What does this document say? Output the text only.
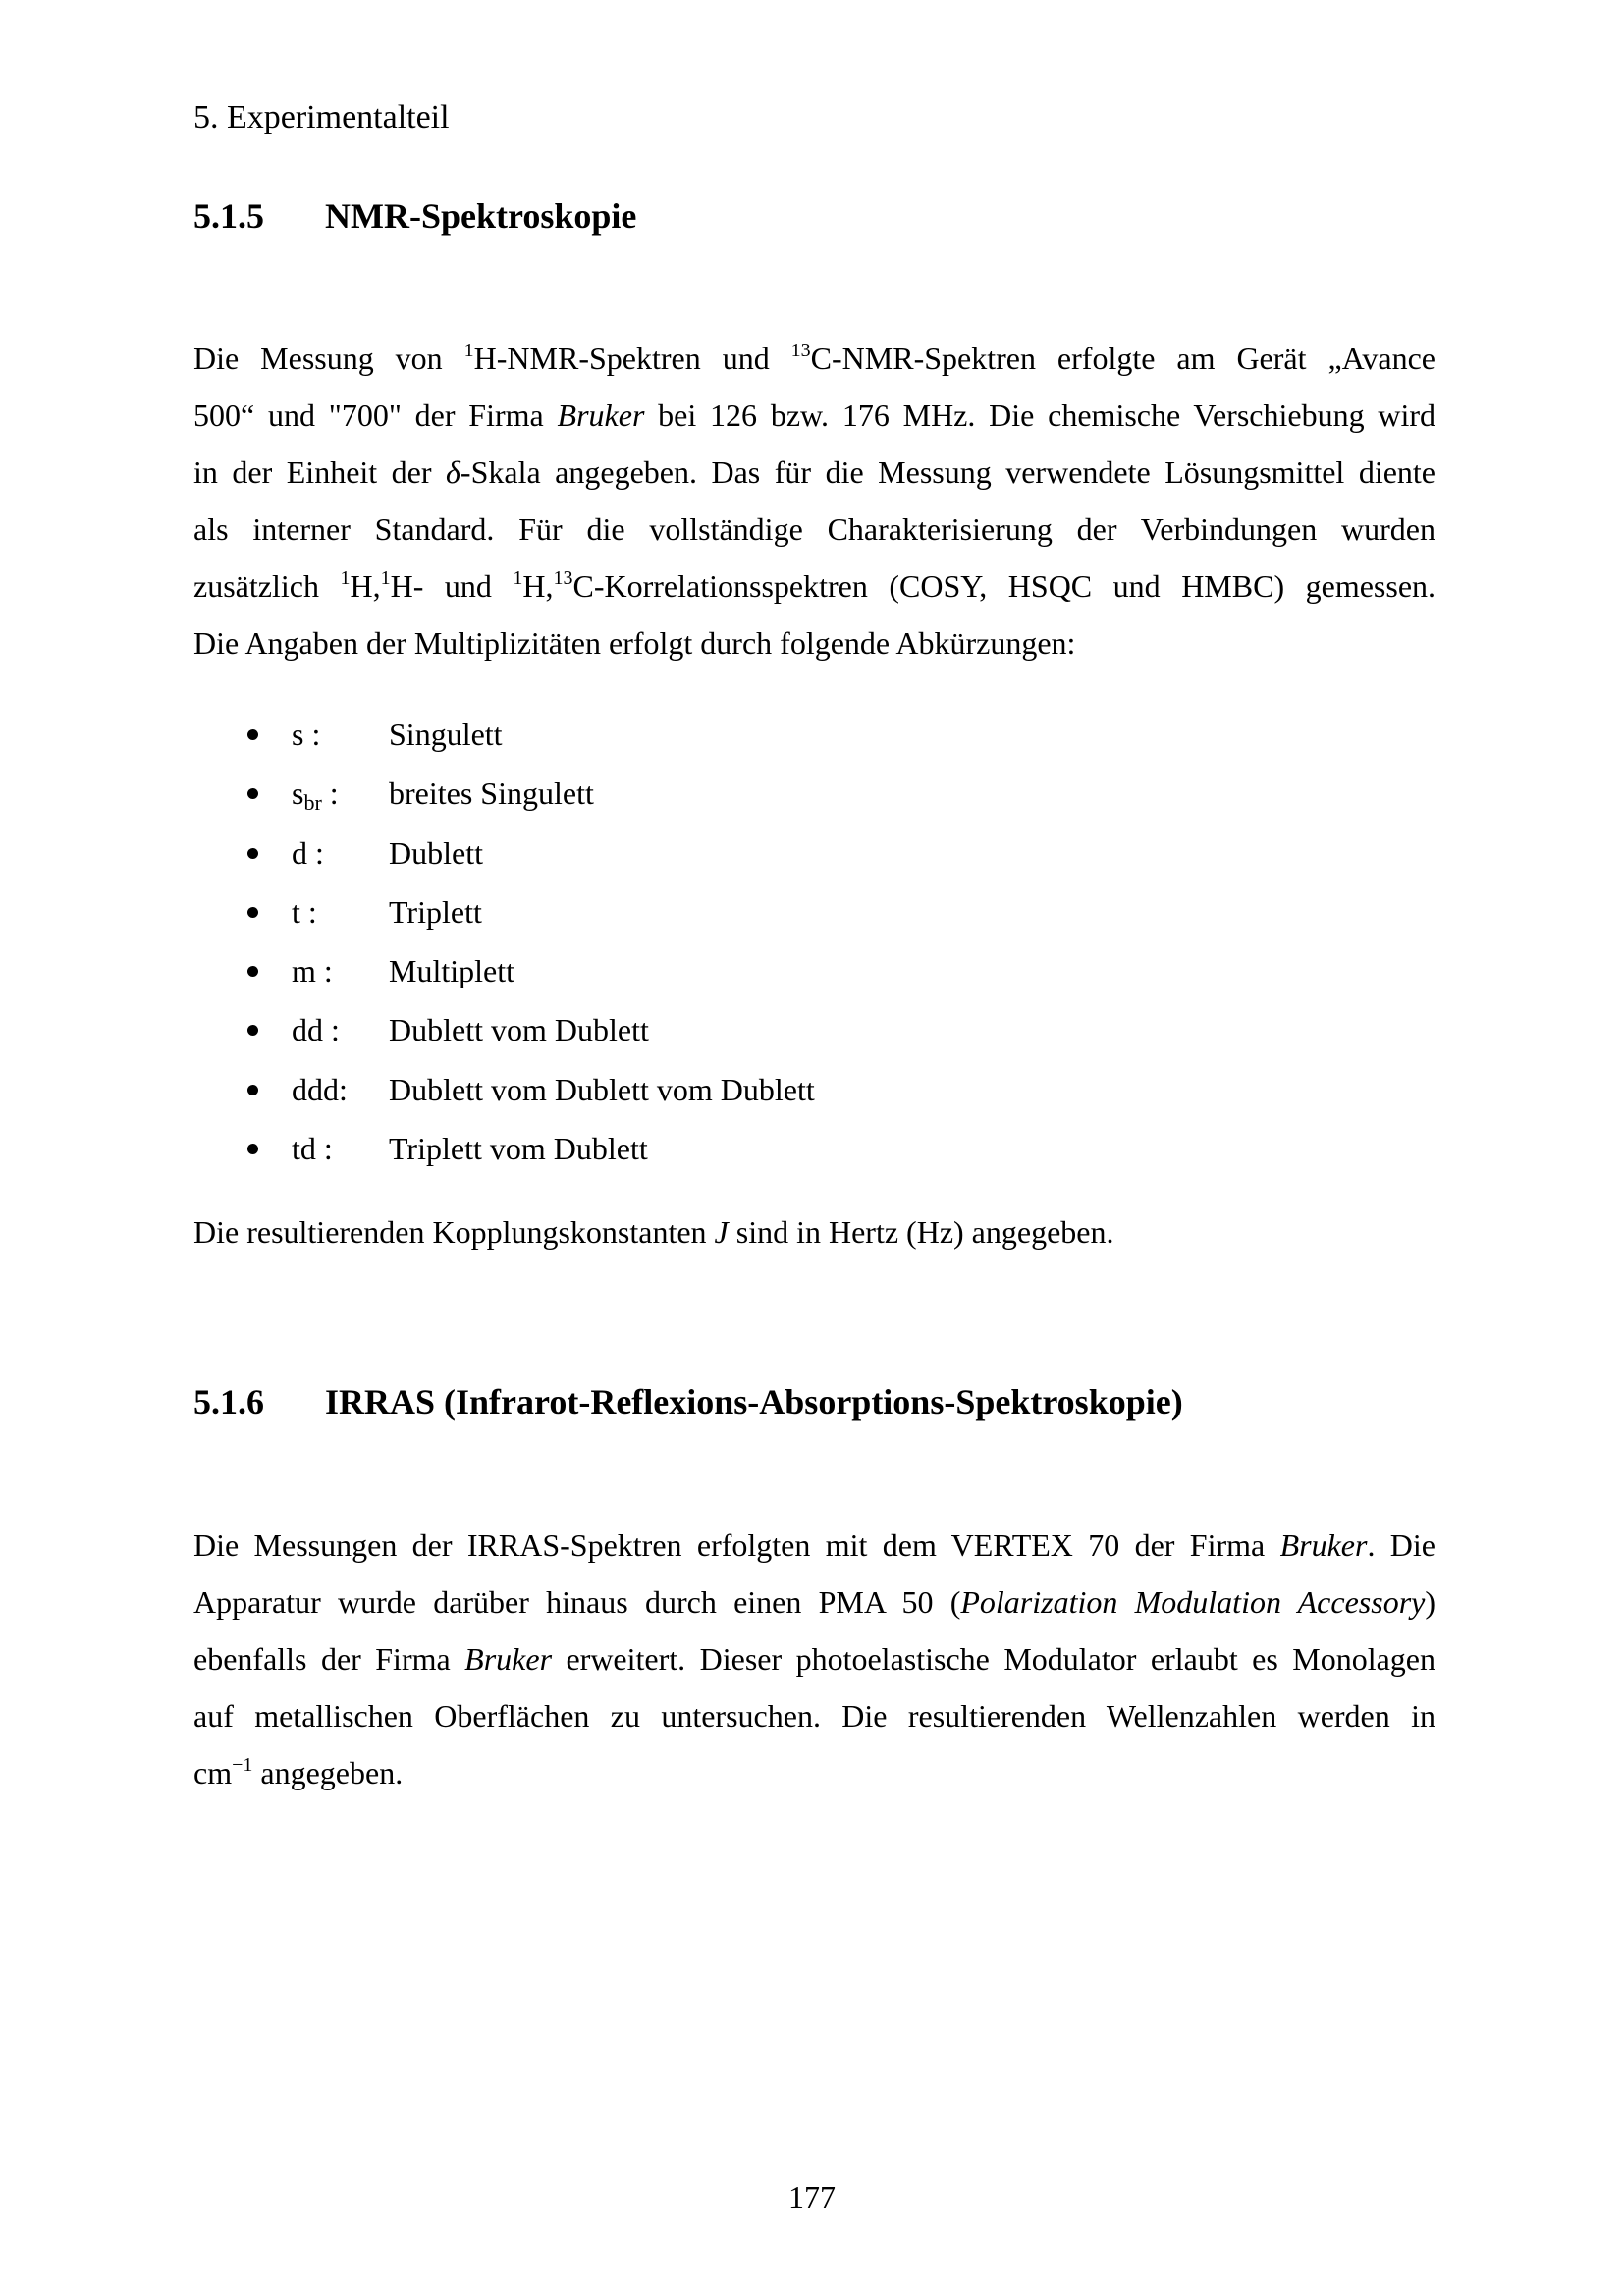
5. Experimentalteil
5.1.5 NMR-Spektroskopie
Die Messung von $^1$H-NMR-Spektren und $^{13}$C-NMR-Spektren erfolgte am Gerät „Avance
500“ und "700" der Firma Bruker bei 126 bzw. 176 MHz. Die chemische Verschiebung wird
in der Einheit der δ-Skala angegeben. Das für die Messung verwendete Lösungsmittel diente
als interner Standard. Für die vollständige Charakterisierung der Verbindungen wurden
zusätzlich $^1$H,$^1$H- und $^1$H,$^{13}$C-Korrelationsspektren (COSY, HSQC und HMBC) gemessen.
Die Angaben der Multiplizitäten erfolgt durch folgende Abkürzungen:
s : Singulett
$s_{br}$ : breites Singulett
d : Dublett
t : Triplett
m : Multiplett
dd : Dublett vom Dublett
ddd: Dublett vom Dublett vom Dublett
td : Triplett vom Dublett
Die resultierenden Kopplungskonstanten J sind in Hertz (Hz) angegeben.
5.1.6 IRRAS (Infrarot-Reflexions-Absorptions-Spektroskopie)
Die Messungen der IRRAS-Spektren erfolgten mit dem VERTEX 70 der Firma Bruker. Die
Apparatur wurde darüber hinaus durch einen PMA 50 (Polarization Modulation Accessory)
ebenfalls der Firma Bruker erweitert. Dieser photoelastische Modulator erlaubt es Monolagen
auf metallischen Oberflächen zu untersuchen. Die resultierenden Wellenzahlen werden in
$cm^{-1}$ angegeben.
177
